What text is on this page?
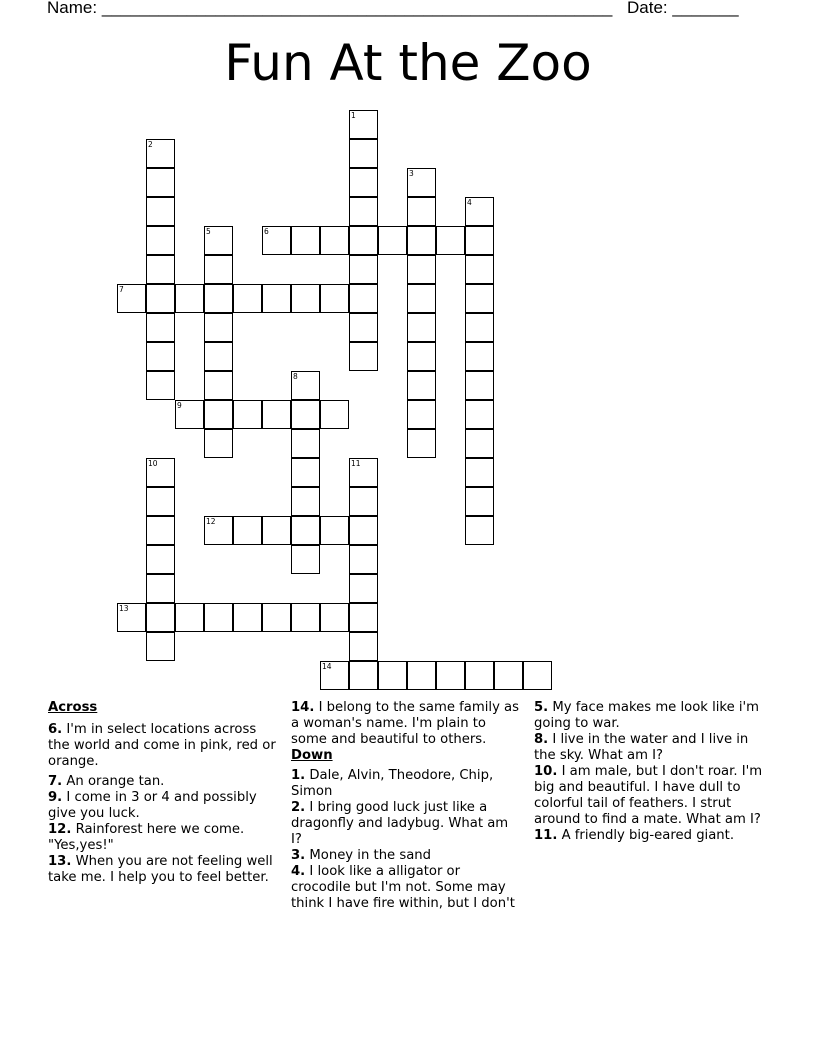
Name: ______________________________________________________ Date: _______
Fun At the Zoo
1
2
3
4
5	6
7
8
9
10	11
12
13
14

Across

6. I'm in select locations across the world and come in pink, red or orange.

7. An orange tan.

9. I come in 3 or 4 and possibly give you luck.

12. Rainforest here we come. "Yes,yes!"

13. When you are not feeling well take me. I help you to feel better.

14. I belong to the same family as a woman's name. I'm plain to some and beautiful to others.

Down

1. Dale, Alvin, Theodore, Chip, Simon

2. I bring good luck just like a dragonfly and ladybug. What am I?

3. Money in the sand

4. I look like a alligator or crocodile but I'm not. Some may think I have fire within, but I don't

5. My face makes me look like i'm going to war.

8. I live in the water and I live in the sky. What am I?

10. I am male, but I don't roar. I'm big and beautiful. I have dull to colorful tail of feathers. I strut around to find a mate. What am I?

11. A friendly big-eared giant.
